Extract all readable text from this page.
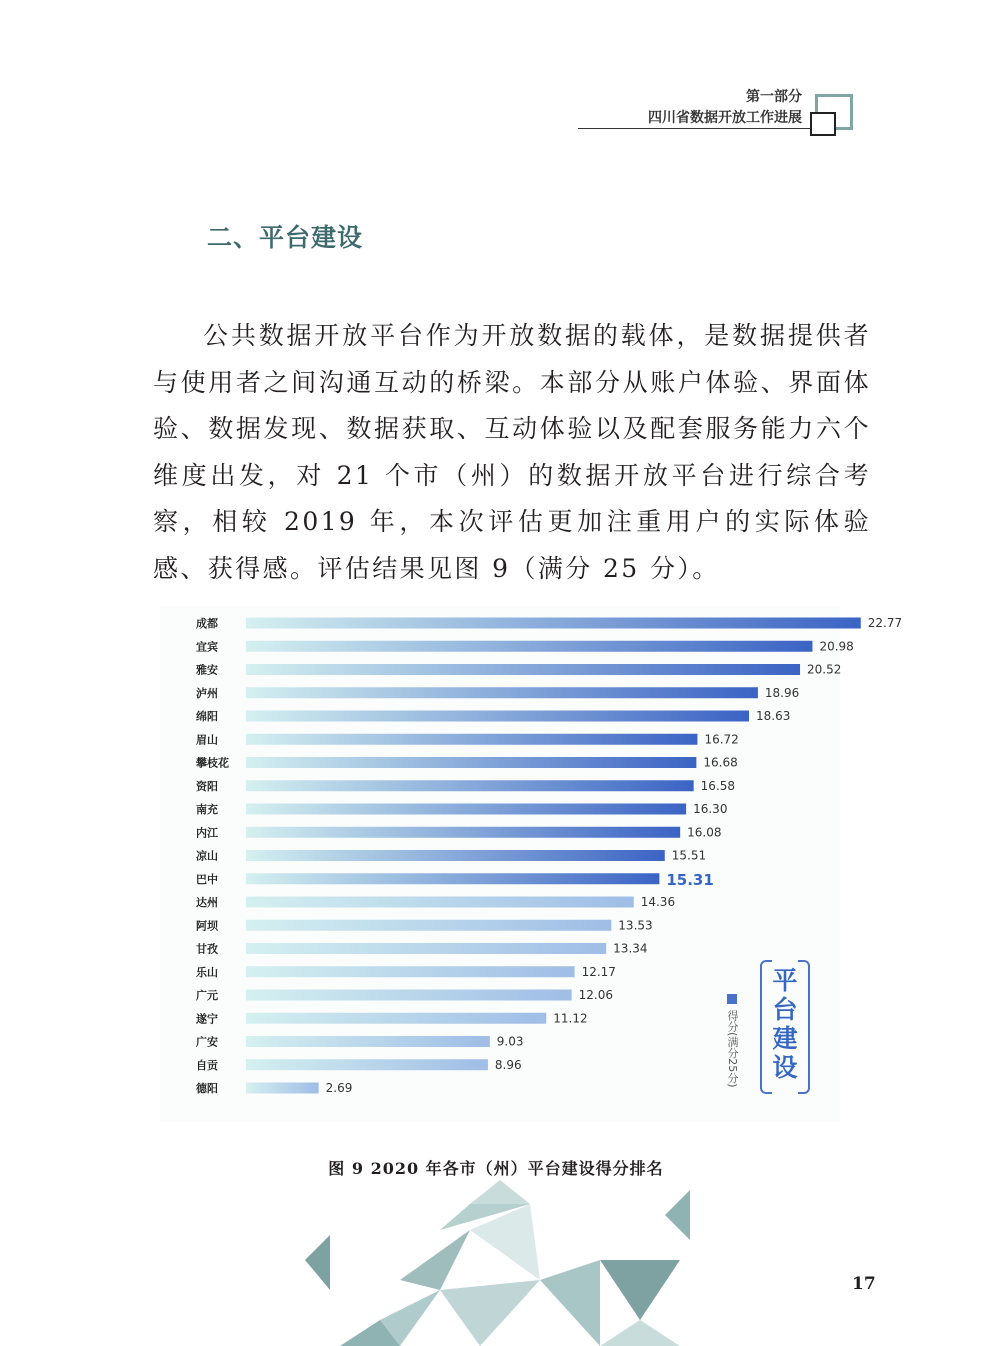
第一部分
四川省数据开放工作进展
二、平台建设

公共数据开放平台作为开放数据的载体，是数据提供者与使用者之间沟通互动的桥梁。本部分从账户体验、界面体验、数据发现、数据获取、互动体验以及配套服务能力六个维度出发，对 21 个市（州）的数据开放平台进行综合考察，相较 2019 年，本次评估更加注重用户的实际体验感、获得感。评估结果见图 9（满分 25 分）。

成都	22.77
宜宾	20.98
雅安	20.52
泸州	18.96
绵阳	18.63
眉山	16.72
攀枝花	16.68
资阳	16.58
南充	16.30
内江	16.08
凉山	15.51
巴中	15.31
达州	14.36
阿坝	13.53
甘孜	13.34
乐山	12.17
广元	12.06
遂宁	11.12
广安	9.03
自贡	8.96
德阳	2.69
平台建设
得分(满分25分)
图 9 2020 年各市（州）平台建设得分排名
17
